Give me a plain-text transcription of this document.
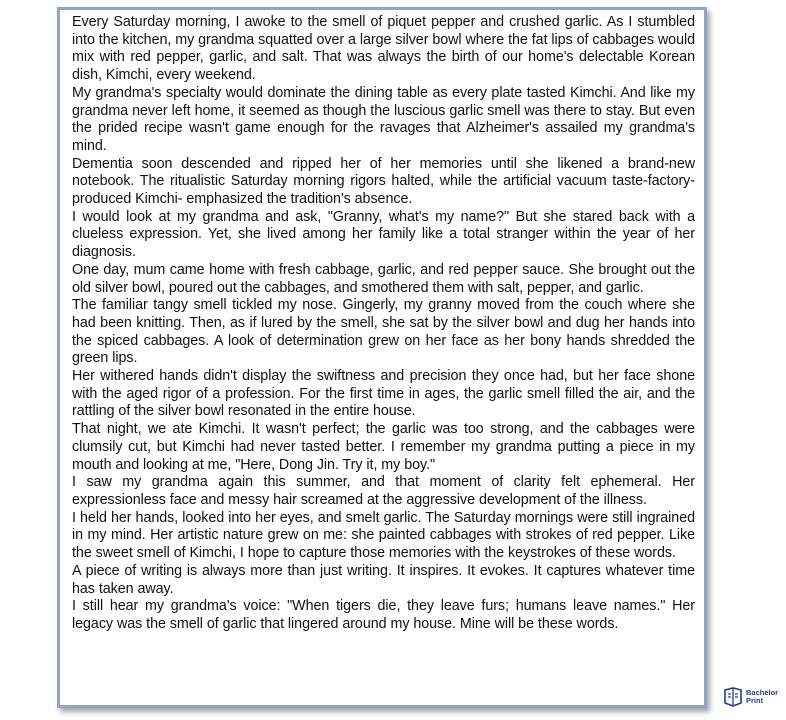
Every Saturday morning, I awoke to the smell of piquet pepper and crushed garlic. As I stumbled into the kitchen, my grandma squatted over a large silver bowl where the fat lips of cabbages would mix with red pepper, garlic, and salt. That was always the birth of our home's delectable Korean dish, Kimchi, every weekend.

My grandma's specialty would dominate the dining table as every plate tasted Kimchi. And like my grandma never left home, it seemed as though the luscious garlic smell was there to stay. But even the prided recipe wasn't game enough for the ravages that Alzheimer's assailed my grandma's mind.

Dementia soon descended and ripped her of her memories until she likened a brand-new notebook. The ritualistic Saturday morning rigors halted, while the artificial vacuum taste-factory-produced Kimchi- emphasized the tradition's absence.

I would look at my grandma and ask, "Granny, what's my name?" But she stared back with a clueless expression. Yet, she lived among her family like a total stranger within the year of her diagnosis.

One day, mum came home with fresh cabbage, garlic, and red pepper sauce. She brought out the old silver bowl, poured out the cabbages, and smothered them with salt, pepper, and garlic.

The familiar tangy smell tickled my nose. Gingerly, my granny moved from the couch where she had been knitting. Then, as if lured by the smell, she sat by the silver bowl and dug her hands into the spiced cabbages. A look of determination grew on her face as her bony hands shredded the green lips.

Her withered hands didn't display the swiftness and precision they once had, but her face shone with the aged rigor of a profession. For the first time in ages, the garlic smell filled the air, and the rattling of the silver bowl resonated in the entire house.

That night, we ate Kimchi. It wasn't perfect; the garlic was too strong, and the cabbages were clumsily cut, but Kimchi had never tasted better. I remember my grandma putting a piece in my mouth and looking at me, "Here, Dong Jin. Try it, my boy."

I saw my grandma again this summer, and that moment of clarity felt ephemeral. Her expressionless face and messy hair screamed at the aggressive development of the illness.

I held her hands, looked into her eyes, and smelt garlic. The Saturday mornings were still ingrained in my mind. Her artistic nature grew on me: she painted cabbages with strokes of red pepper. Like the sweet smell of Kimchi, I hope to capture those memories with the keystrokes of these words.

A piece of writing is always more than just writing. It inspires. It evokes. It captures whatever time has taken away.

I still hear my grandma's voice: "When tigers die, they leave furs; humans leave names." Her legacy was the smell of garlic that lingered around my house. Mine will be these words.

Bachelor
Print
